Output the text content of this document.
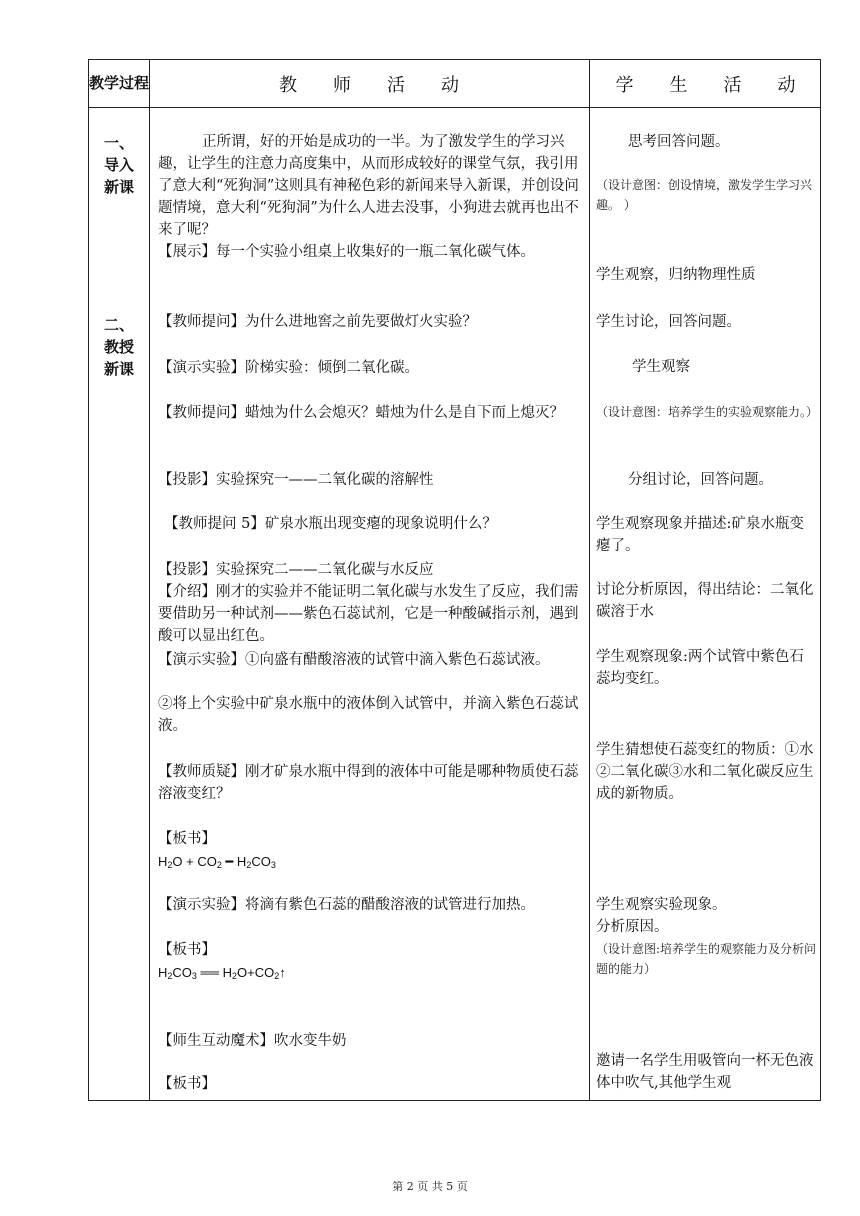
教学过程	教　　师　　活　　动	学　　生　　活　　动
一、
导入
新课
二、
教授
新课

正所谓，好的开始是成功的一半。为了激发学生的学习兴趣，让学生的注意力高度集中，从而形成较好的课堂气氛，我引用了意大利“死狗洞”这则具有神秘色彩的新闻来导入新课，并创设问题情境，意大利“死狗洞”为什么人进去没事，小狗进去就再也出不来了呢？

【展示】每一个实验小组桌上收集好的一瓶二氧化碳气体。

【教师提问】为什么进地窖之前先要做灯火实验？

【演示实验】阶梯实验：倾倒二氧化碳。

【教师提问】蜡烛为什么会熄灭？蜡烛为什么是自下而上熄灭？

【投影】实验探究一——二氧化碳的溶解性

【教师提问 5】矿泉水瓶出现变瘪的现象说明什么？

【投影】实验探究二——二氧化碳与水反应

【介绍】刚才的实验并不能证明二氧化碳与水发生了反应，我们需要借助另一种试剂——紫色石蕊试剂，它是一种酸碱指示剂，遇到酸可以显出红色。

【演示实验】①向盛有醋酸溶液的试管中滴入紫色石蕊试液。

②将上个实验中矿泉水瓶中的液体倒入试管中，并滴入紫色石蕊试液。

【教师质疑】刚才矿泉水瓶中得到的液体中可能是哪种物质使石蕊溶液变红？

【板书】

$H_2O + CO_2$ ━ $H_2CO_3$

【演示实验】将滴有紫色石蕊的醋酸溶液的试管进行加热。

【板书】

$H_2CO_3$ ══ $H_2O+CO_2↑$

【师生互动魔术】吹水变牛奶

【板书】

思考回答问题。

（设计意图：创设情境，激发学生学习兴趣。 ）

学生观察，归纳物理性质

学生讨论，回答问题。

学生观察

（设计意图：培养学生的实验观察能力。）

分组讨论，回答问题。

学生观察现象并描述:矿泉水瓶变瘪了。

讨论分析原因，得出结论：二氧化碳溶于水

学生观察现象:两个试管中紫色石蕊均变红。

学生猜想使石蕊变红的物质：①水②二氧化碳③水和二氧化碳反应生成的新物质。

学生观察实验现象。

分析原因。

（设计意图:培养学生的观察能力及分析问题的能力）

邀请一名学生用吸管向一杯无色液体中吹气,其他学生观

第 2 页 共 5 页
